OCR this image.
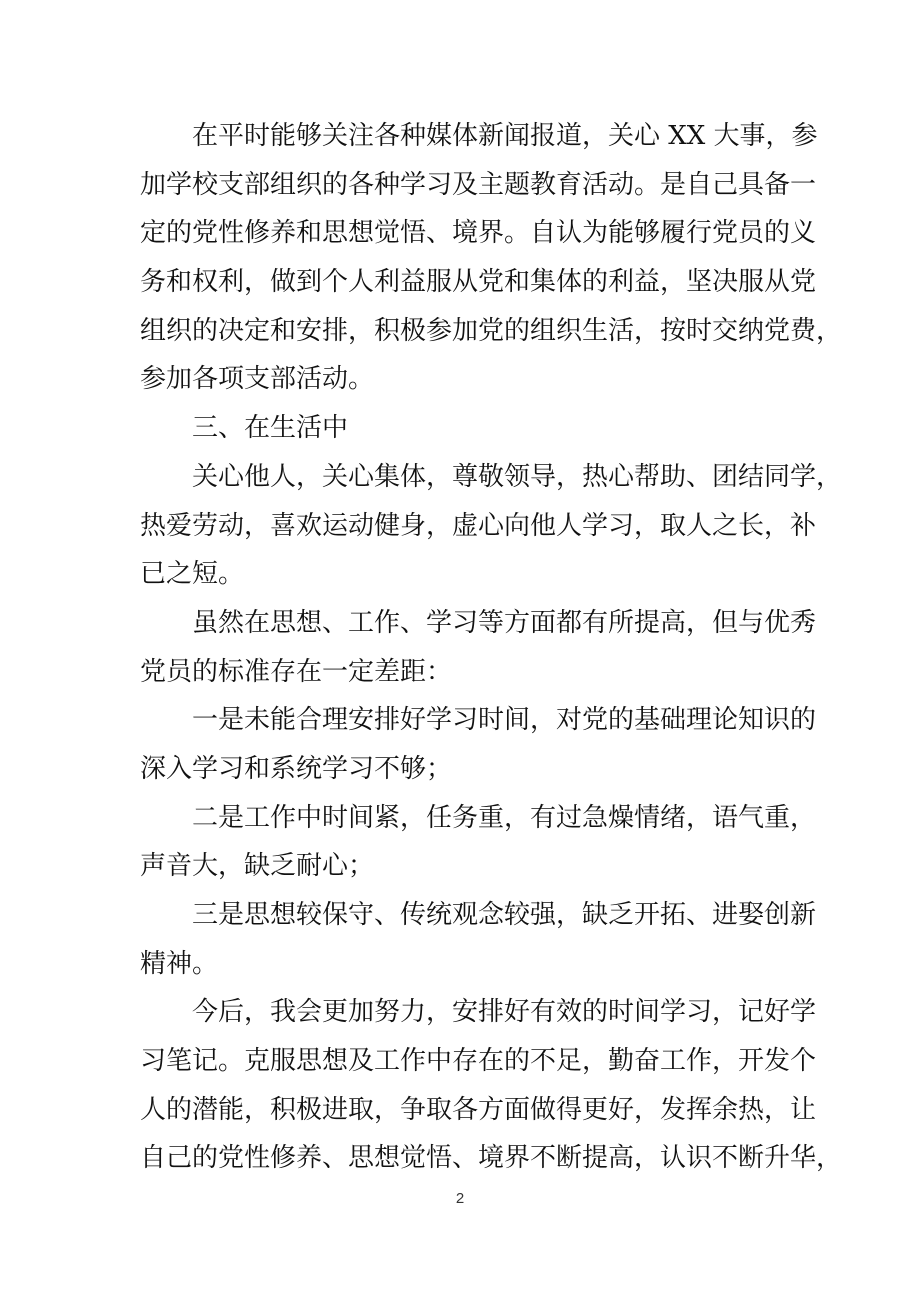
在平时能够关注各种媒体新闻报道，关心 XX 大事，参
加学校支部组织的各种学习及主题教育活动。是自己具备一
定的党性修养和思想觉悟、境界。自认为能够履行党员的义
务和权利，做到个人利益服从党和集体的利益，坚决服从党
组织的决定和安排，积极参加党的组织生活，按时交纳党费，
参加各项支部活动。
三、在生活中
关心他人，关心集体，尊敬领导，热心帮助、团结同学，
热爱劳动，喜欢运动健身，虚心向他人学习，取人之长，补
已之短。
虽然在思想、工作、学习等方面都有所提高，但与优秀
党员的标准存在一定差距：
一是未能合理安排好学习时间，对党的基础理论知识的
深入学习和系统学习不够；
二是工作中时间紧，任务重，有过急燥情绪，语气重，
声音大，缺乏耐心；
三是思想较保守、传统观念较强，缺乏开拓、进娶创新
精神。
今后，我会更加努力，安排好有效的时间学习，记好学
习笔记。克服思想及工作中存在的不足，勤奋工作，开发个
人的潜能，积极进取，争取各方面做得更好，发挥余热，让
自己的党性修养、思想觉悟、境界不断提高，认识不断升华，
2
